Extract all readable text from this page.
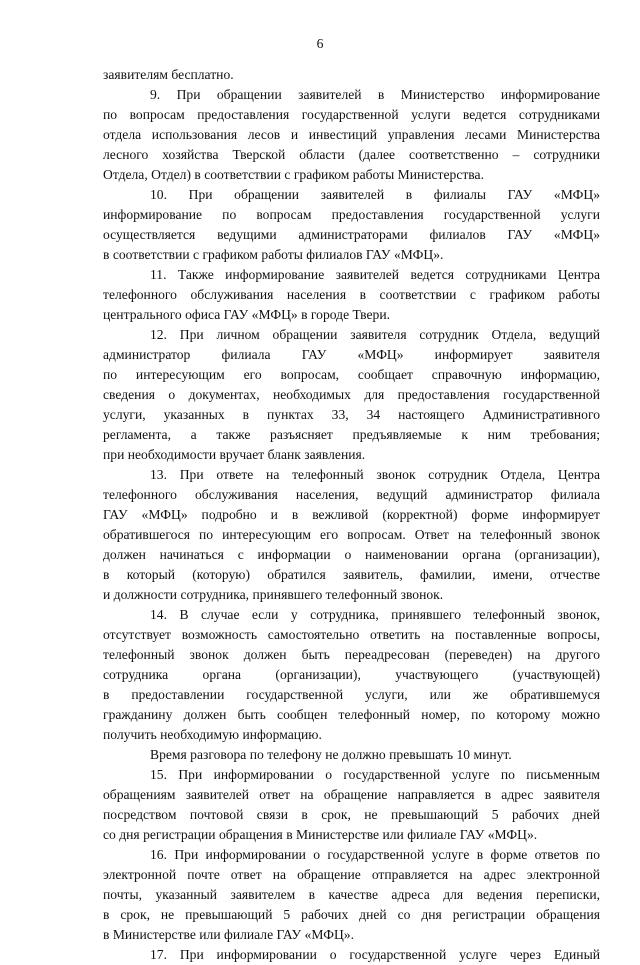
6
заявителям бесплатно.
9. При обращении заявителей в Министерство информирование
по вопросам предоставления государственной услуги ведется сотрудниками
отдела использования лесов и инвестиций управления лесами Министерства
лесного хозяйства Тверской области (далее соответственно – сотрудники
Отдела, Отдел) в соответствии с графиком работы Министерства.
10. При обращении заявителей в филиалы ГАУ «МФЦ»
информирование по вопросам предоставления государственной услуги
осуществляется ведущими администраторами филиалов ГАУ «МФЦ»
в соответствии с графиком работы филиалов ГАУ «МФЦ».
11. Также информирование заявителей ведется сотрудниками Центра
телефонного обслуживания населения в соответствии с графиком работы
центрального офиса ГАУ «МФЦ» в городе Твери.
12. При личном обращении заявителя сотрудник Отдела, ведущий
администратор филиала ГАУ «МФЦ» информирует заявителя
по интересующим его вопросам, сообщает справочную информацию,
сведения о документах, необходимых для предоставления государственной
услуги, указанных в пунктах 33, 34 настоящего Административного
регламента, а также разъясняет предъявляемые к ним требования;
при необходимости вручает бланк заявления.
13. При ответе на телефонный звонок сотрудник Отдела, Центра
телефонного обслуживания населения, ведущий администратор филиала
ГАУ «МФЦ» подробно и в вежливой (корректной) форме информирует
обратившегося по интересующим его вопросам. Ответ на телефонный звонок
должен начинаться с информации о наименовании органа (организации),
в который (которую) обратился заявитель, фамилии, имени, отчестве
и должности сотрудника, принявшего телефонный звонок.
14. В случае если у сотрудника, принявшего телефонный звонок,
отсутствует возможность самостоятельно ответить на поставленные вопросы,
телефонный звонок должен быть переадресован (переведен) на другого
сотрудника органа (организации), участвующего (участвующей)
в предоставлении государственной услуги, или же обратившемуся
гражданину должен быть сообщен телефонный номер, по которому можно
получить необходимую информацию.
Время разговора по телефону не должно превышать 10 минут.
15. При информировании о государственной услуге по письменным
обращениям заявителей ответ на обращение направляется в адрес заявителя
посредством почтовой связи в срок, не превышающий 5 рабочих дней
со дня регистрации обращения в Министерстве или филиале ГАУ «МФЦ».
16. При информировании о государственной услуге в форме ответов по
электронной почте ответ на обращение отправляется на адрес электронной
почты, указанный заявителем в качестве адреса для ведения переписки,
в срок, не превышающий 5 рабочих дней со дня регистрации обращения
в Министерстве или филиале ГАУ «МФЦ».
17. При информировании о государственной услуге через Единый
